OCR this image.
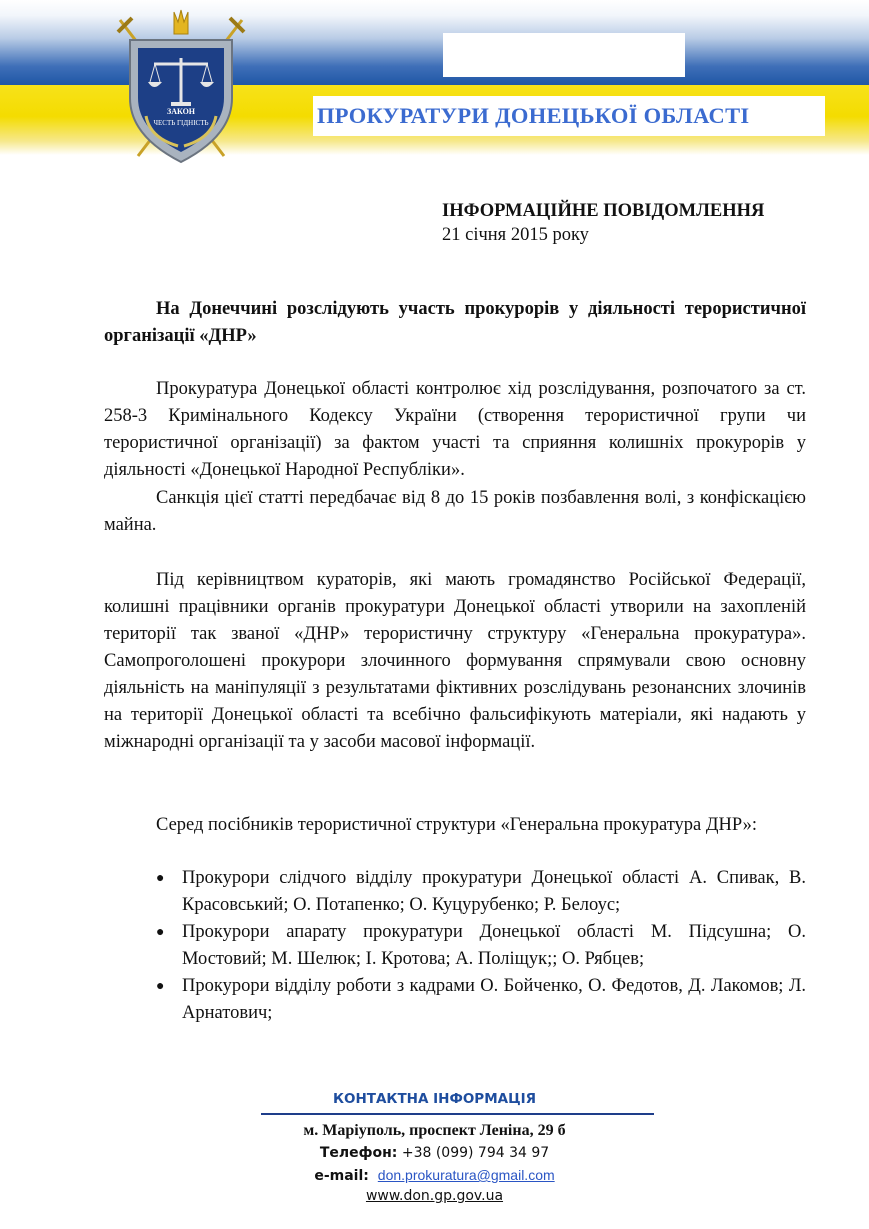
ПРОКУРАТУРИ ДОНЕЦЬКОЇ ОБЛАСТІ
ЗАКОН
ЧЕСТЬ ГІДНІСТЬ
ІНФОРМАЦІЙНЕ ПОВІДОМЛЕННЯ
21 січня 2015 року
На Донеччині розслідують участь прокурорів у діяльності терористичної організації «ДНР»
Прокуратура Донецької області контролює хід розслідування, розпочатого за ст. 258-3 Кримінального Кодексу України (створення терористичної групи чи терористичної організації) за фактом участі та сприяння колишніх прокурорів у діяльності «Донецької Народної Республіки».
Санкція цієї статті передбачає від 8 до 15 років позбавлення волі, з конфіскацією майна.
Під керівництвом кураторів, які мають громадянство Російської Федерації, колишні працівники органів прокуратури Донецької області утворили на захопленій території так званої «ДНР» терористичну структуру «Генеральна прокуратура». Самопроголошені прокурори злочинного формування спрямували свою основну діяльність на маніпуляції з результатами фіктивних розслідувань резонансних злочинів на території Донецької області та всебічно фальсифікують матеріали, які надають у міжнародні організації та у засоби масової інформації.
Серед посібників терористичної структури «Генеральна прокуратура ДНР»:
● Прокурори слідчого відділу прокуратури Донецької області А. Спивак, В. Красовський; О. Потапенко; О. Куцурубенко; Р. Белоус;
● Прокурори апарату прокуратури Донецької області М. Підсушна; О. Мостовий; М. Шелюк; І. Кротова; А. Поліщук;; О. Рябцев;
● Прокурори відділу роботи з кадрами О. Бойченко, О. Федотов, Д. Лакомов; Л. Арнатович;
КОНТАКТНА ІНФОРМАЦІЯ
м. Маріуполь, проспект Леніна, 29 б
Телефон: +38 (099) 794 34 97
e-mail: don.prokuratura@gmail.com
www.don.gp.gov.ua
